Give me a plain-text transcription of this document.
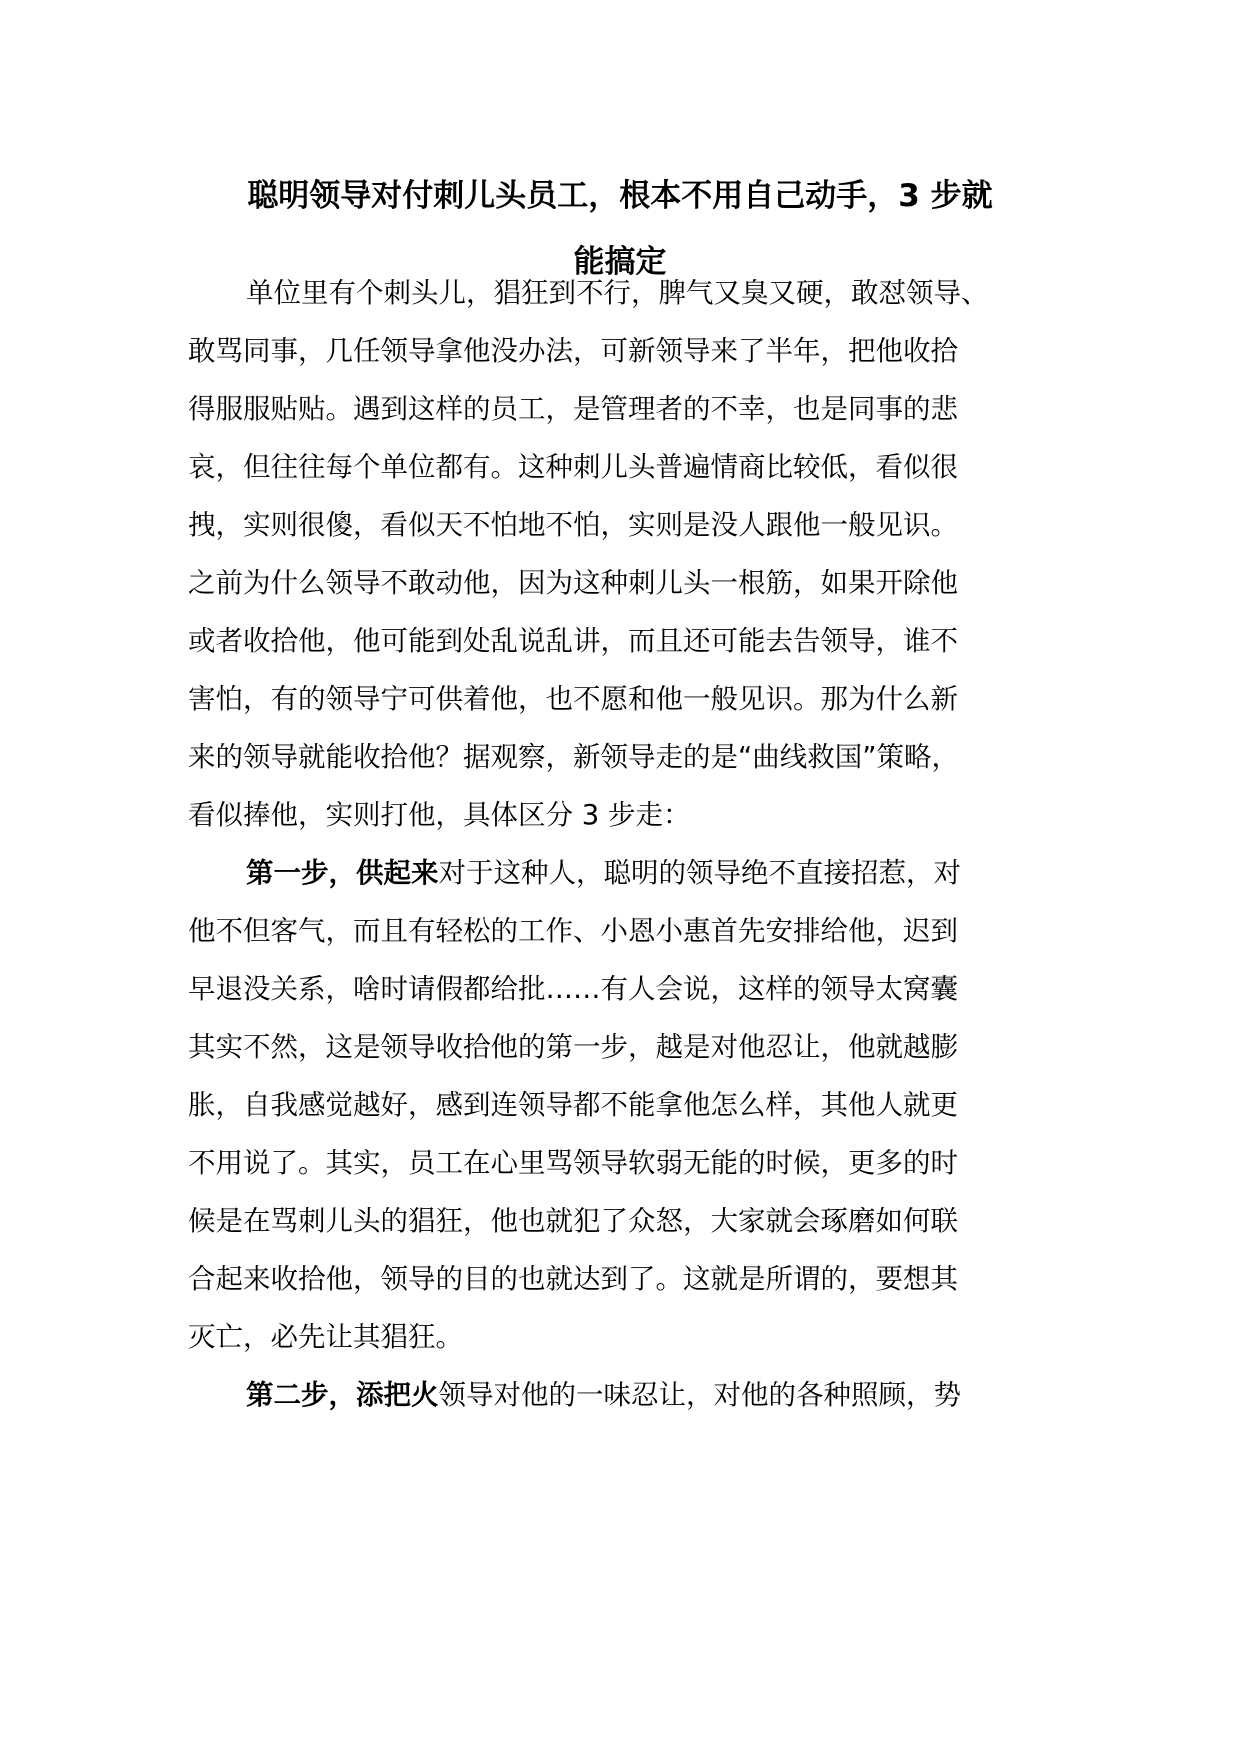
聪明领导对付刺儿头员工，根本不用自己动手，3 步就
能搞定

单位里有个刺头儿，猖狂到不行，脾气又臭又硬，敢怼领导、

敢骂同事，几任领导拿他没办法，可新领导来了半年，把他收拾

得服服贴贴。遇到这样的员工，是管理者的不幸，也是同事的悲

哀，但往往每个单位都有。这种刺儿头普遍情商比较低，看似很

拽，实则很傻，看似天不怕地不怕，实则是没人跟他一般见识。

之前为什么领导不敢动他，因为这种刺儿头一根筋，如果开除他

或者收拾他，他可能到处乱说乱讲，而且还可能去告领导，谁不

害怕，有的领导宁可供着他，也不愿和他一般见识。那为什么新

来的领导就能收拾他？据观察，新领导走的是“曲线救国”策略，

看似捧他，实则打他，具体区分 3 步走：

第一步，供起来对于这种人，聪明的领导绝不直接招惹，对

他不但客气，而且有轻松的工作、小恩小惠首先安排给他，迟到

早退没关系，啥时请假都给批……有人会说，这样的领导太窝囊

其实不然，这是领导收拾他的第一步，越是对他忍让，他就越膨

胀，自我感觉越好，感到连领导都不能拿他怎么样，其他人就更

不用说了。其实，员工在心里骂领导软弱无能的时候，更多的时

候是在骂刺儿头的猖狂，他也就犯了众怒，大家就会琢磨如何联

合起来收拾他，领导的目的也就达到了。这就是所谓的，要想其

灭亡，必先让其猖狂。

第二步，添把火领导对他的一味忍让，对他的各种照顾，势
